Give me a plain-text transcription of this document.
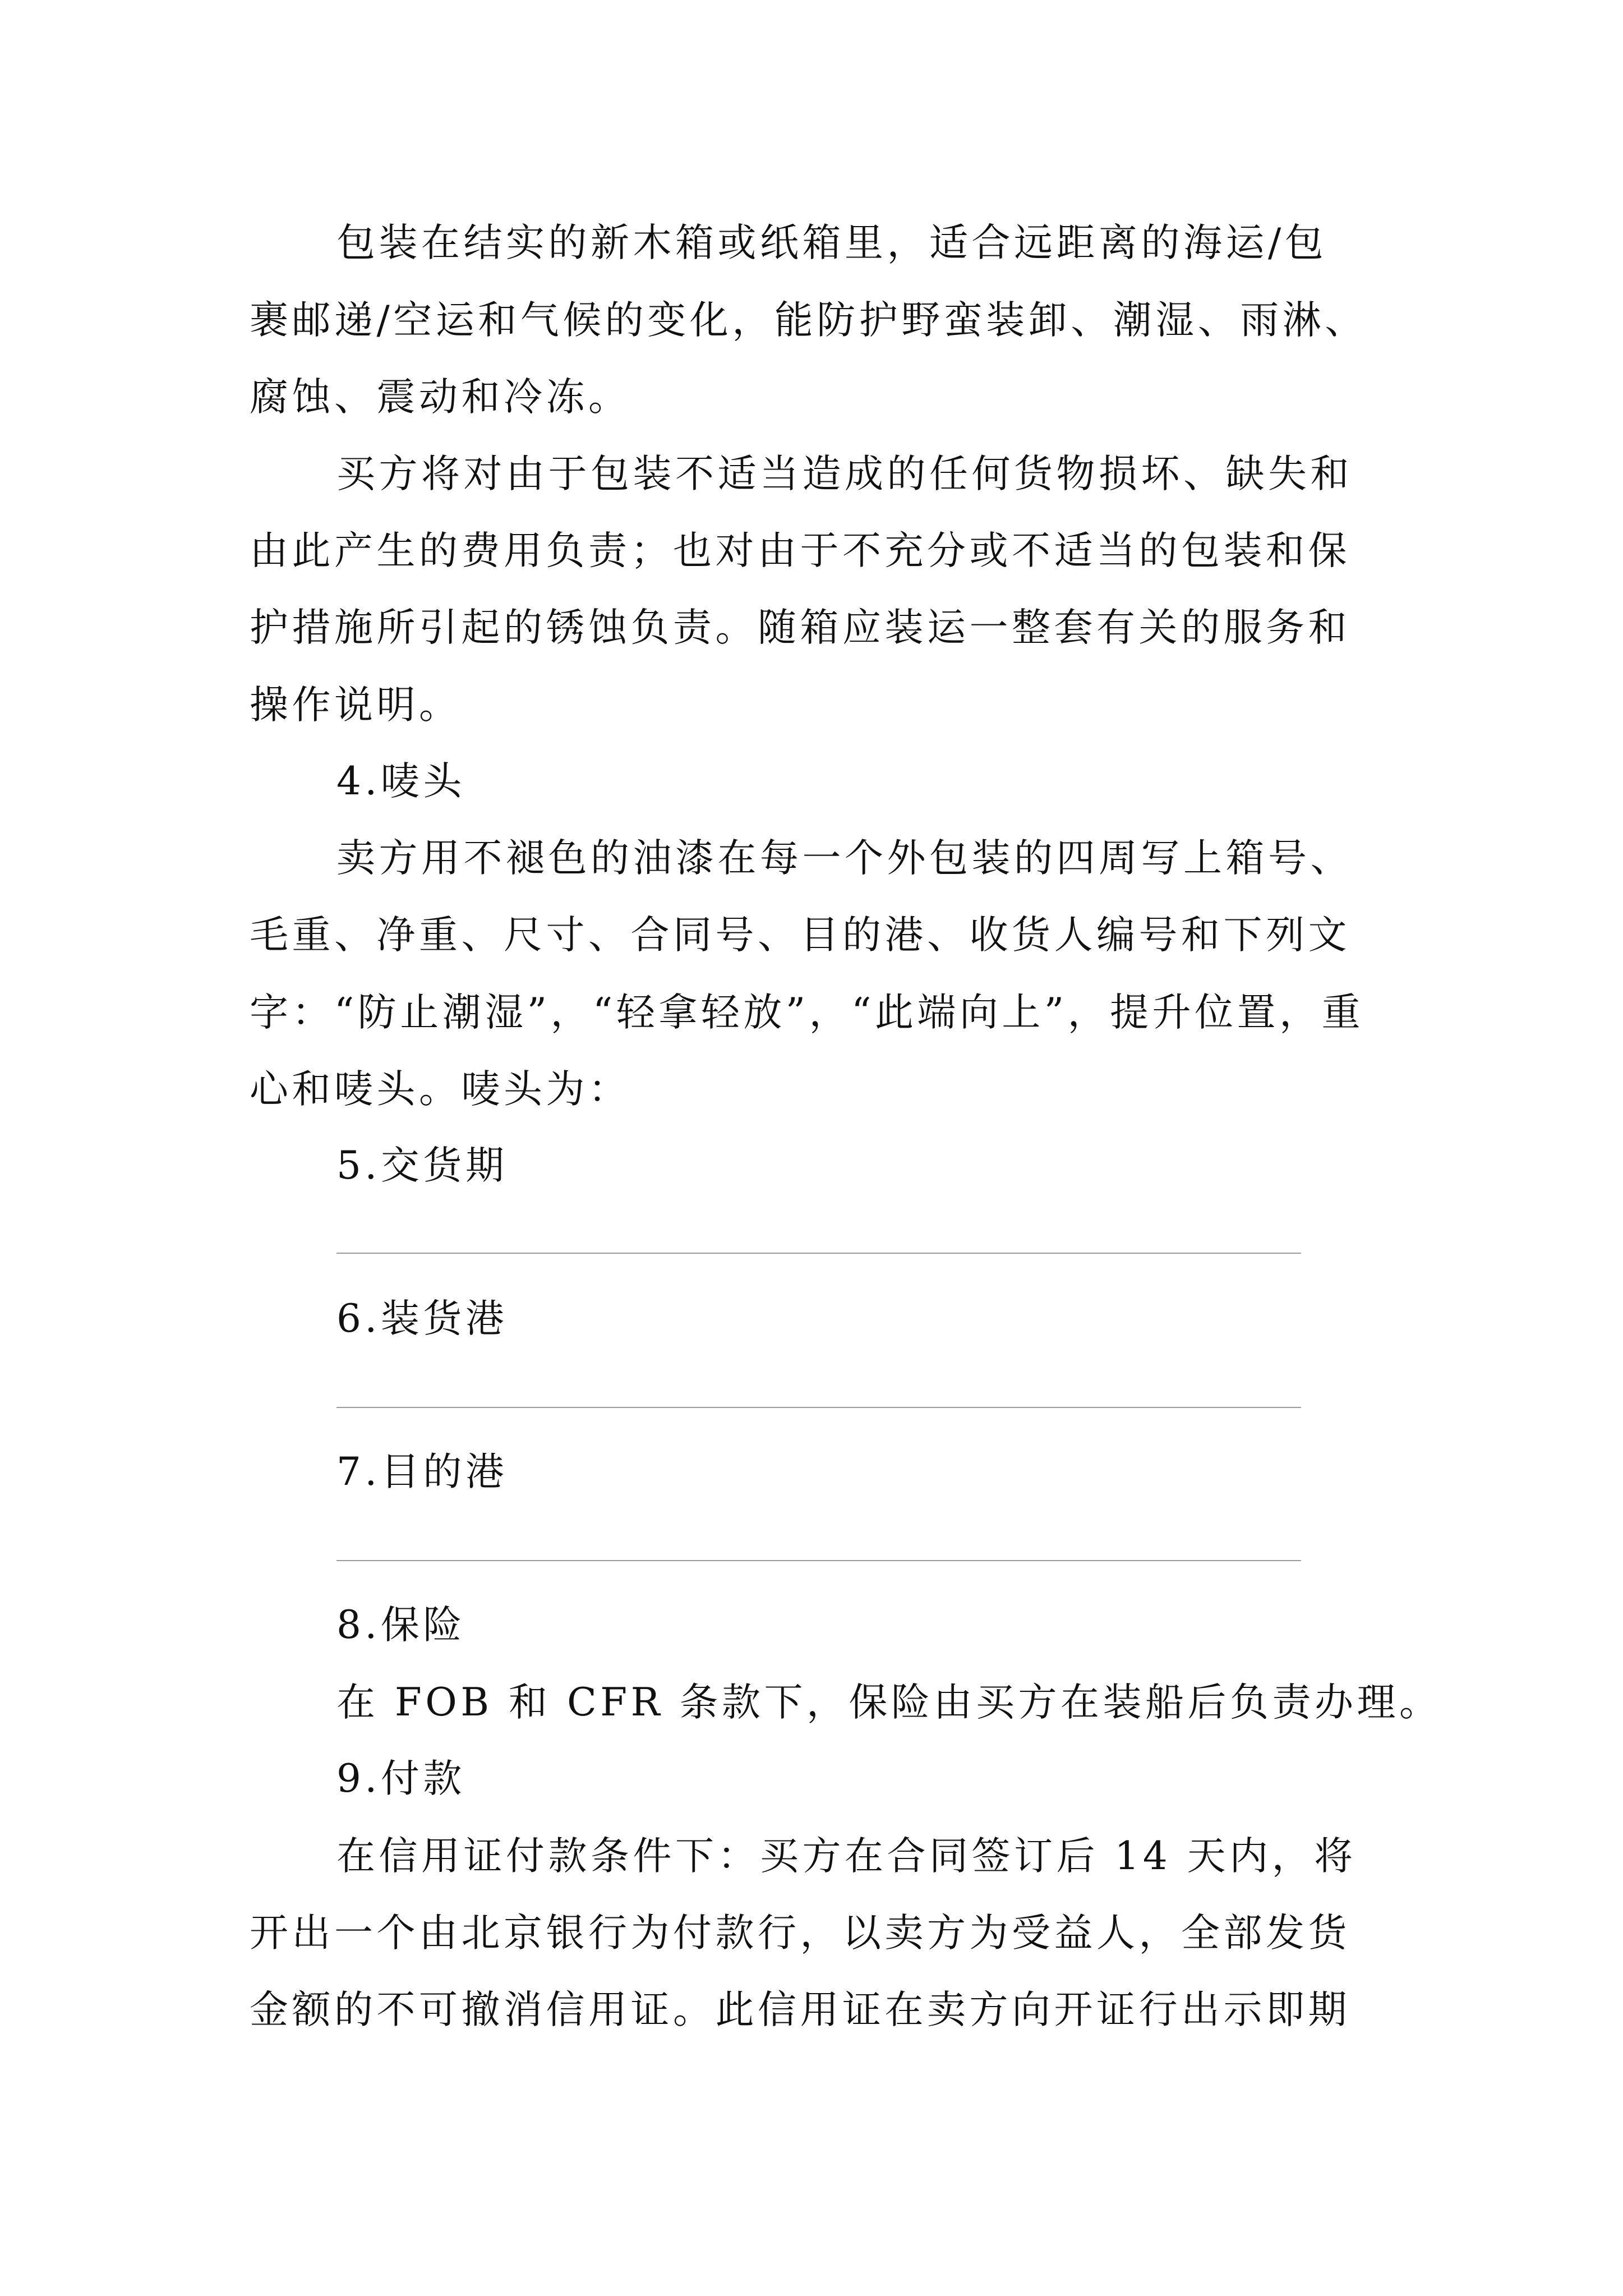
包装在结实的新木箱或纸箱里，适合远距离的海运/包
裹邮递/空运和气候的变化，能防护野蛮装卸、潮湿、雨淋、
腐蚀、震动和冷冻。
买方将对由于包装不适当造成的任何货物损坏、缺失和
由此产生的费用负责；也对由于不充分或不适当的包装和保
护措施所引起的锈蚀负责。随箱应装运一整套有关的服务和
操作说明。
4.唛头
卖方用不褪色的油漆在每一个外包装的四周写上箱号、
毛重、净重、尺寸、合同号、目的港、收货人编号和下列文
字：“防止潮湿”，“轻拿轻放”，“此端向上”，提升位置，重
心和唛头。唛头为：
5.交货期
6.装货港
7.目的港
8.保险
在 FOB 和 CFR 条款下，保险由买方在装船后负责办理。
9.付款
在信用证付款条件下：买方在合同签订后 14 天内，将
开出一个由北京银行为付款行，以卖方为受益人，全部发货
金额的不可撤消信用证。此信用证在卖方向开证行出示即期
